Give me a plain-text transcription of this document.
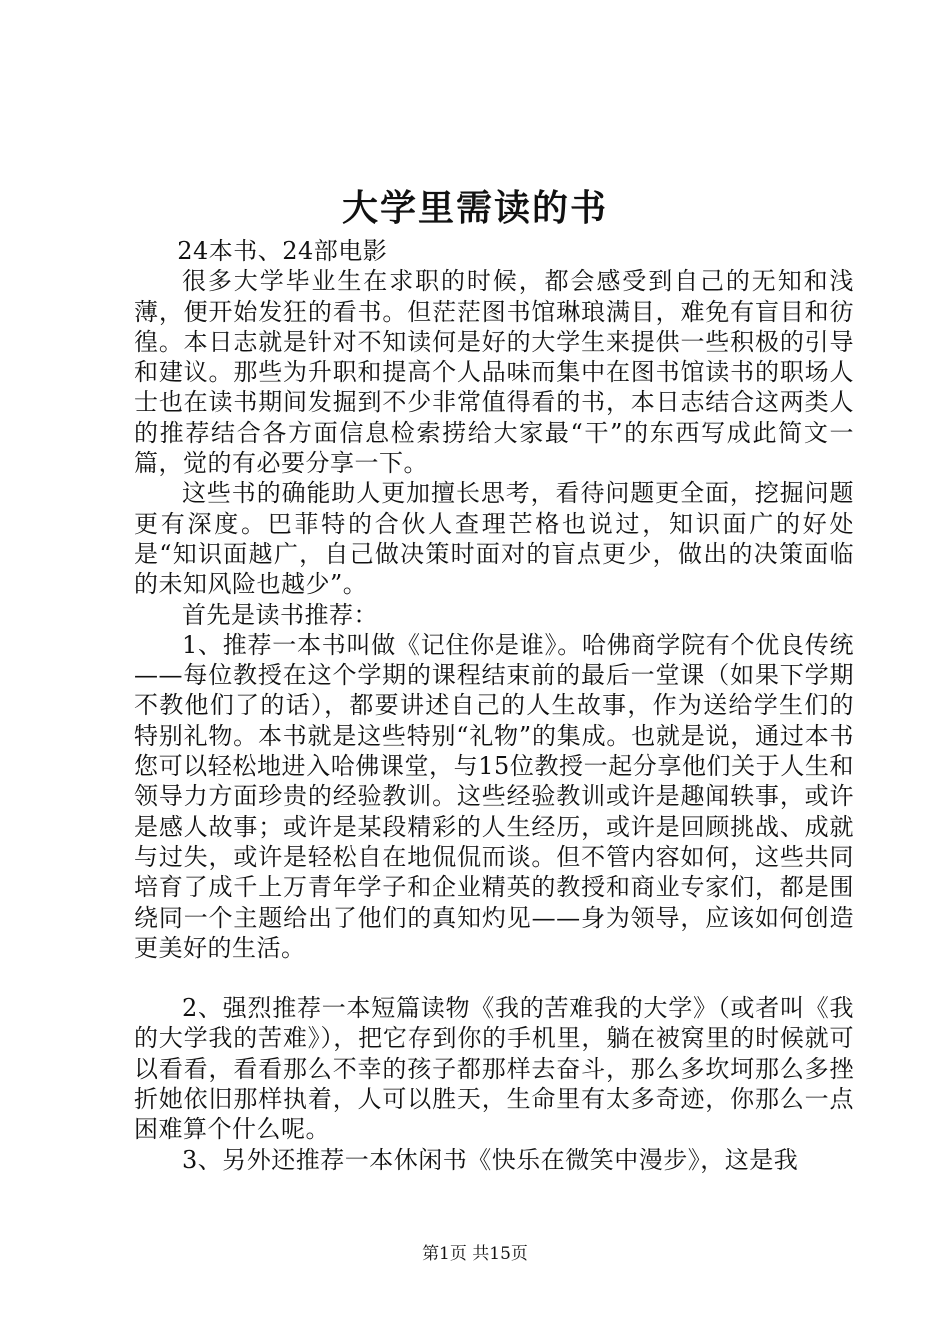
大学里需读的书

24本书、24部电影

很多大学毕业生在求职的时候，都会感受到自己的无知和浅薄，便开始发狂的看书。但茫茫图书馆琳琅满目，难免有盲目和彷徨。本日志就是针对不知读何是好的大学生来提供一些积极的引导和建议。那些为升职和提高个人品味而集中在图书馆读书的职场人士也在读书期间发掘到不少非常值得看的书，本日志结合这两类人的推荐结合各方面信息检索捞给大家最“干”的东西写成此简文一篇，觉的有必要分享一下。

这些书的确能助人更加擅长思考，看待问题更全面，挖掘问题更有深度。巴菲特的合伙人查理芒格也说过，知识面广的好处是“知识面越广，自己做决策时面对的盲点更少，做出的决策面临的未知风险也越少”。

首先是读书推荐：

1、推荐一本书叫做《记住你是谁》。哈佛商学院有个优良传统——每位教授在这个学期的课程结束前的最后一堂课（如果下学期不教他们了的话），都要讲述自己的人生故事，作为送给学生们的特别礼物。本书就是这些特别“礼物”的集成。也就是说，通过本书您可以轻松地进入哈佛课堂，与15位教授一起分享他们关于人生和领导力方面珍贵的经验教训。这些经验教训或许是趣闻轶事，或许是感人故事；或许是某段精彩的人生经历，或许是回顾挑战、成就与过失，或许是轻松自在地侃侃而谈。但不管内容如何，这些共同培育了成千上万青年学子和企业精英的教授和商业专家们，都是围绕同一个主题给出了他们的真知灼见——身为领导，应该如何创造更美好的生活。

2、强烈推荐一本短篇读物《我的苦难我的大学》（或者叫《我的大学我的苦难》），把它存到你的手机里，躺在被窝里的时候就可以看看，看看那么不幸的孩子都那样去奋斗，那么多坎坷那么多挫折她依旧那样执着，人可以胜天，生命里有太多奇迹，你那么一点困难算个什么呢。

3、另外还推荐一本休闲书《快乐在微笑中漫步》，这是我

第1页 共15页
